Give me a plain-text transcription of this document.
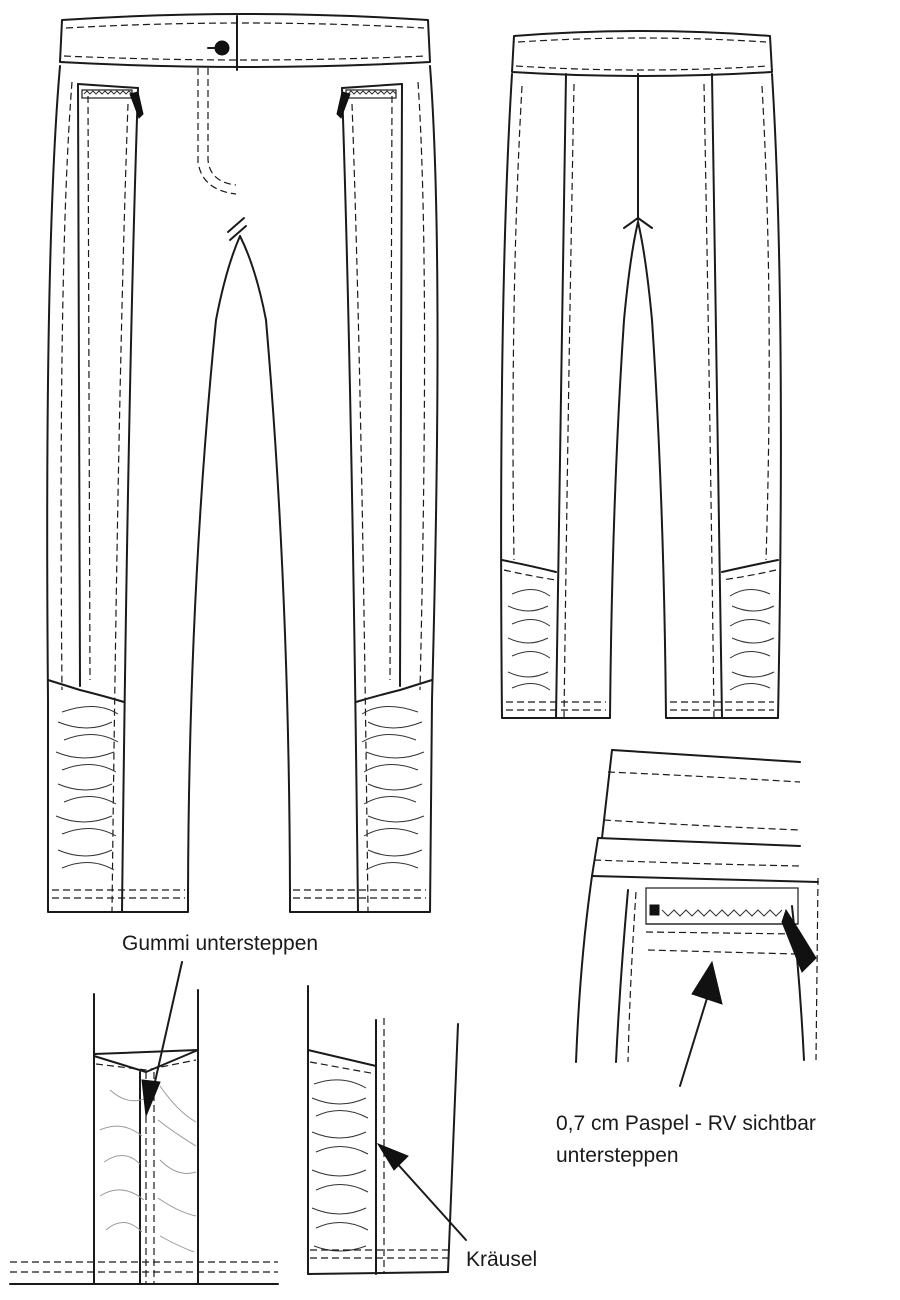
Gummi untersteppen
0,7 cm Paspel - RV sichtbar
untersteppen
Kräusel
